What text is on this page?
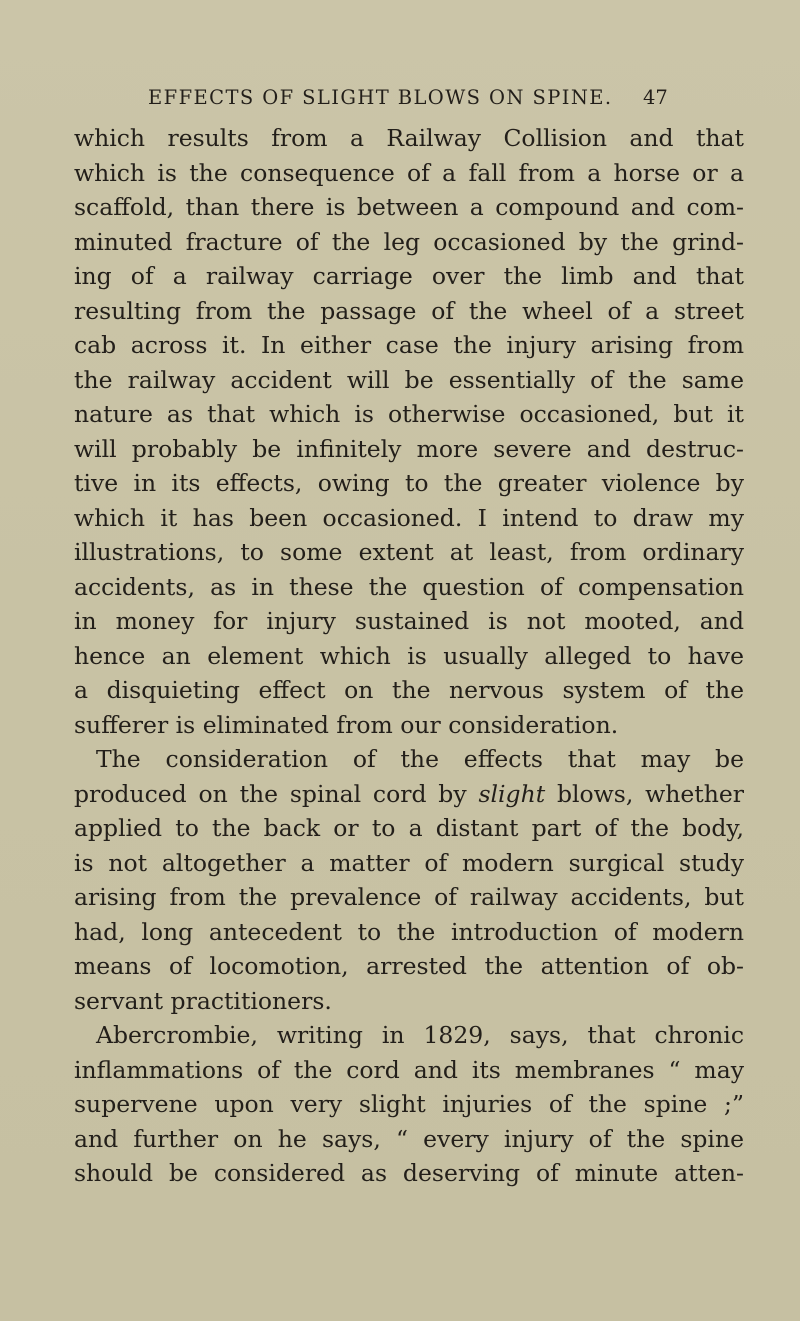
EFFECTS OF SLIGHT BLOWS ON SPINE. 47
which results from a Railway Collision and that
which is the consequence of a fall from a horse or a
scaffold, than there is between a compound and com-
minuted fracture of the leg occasioned by the grind-
ing of a railway carriage over the limb and that
resulting from the passage of the wheel of a street
cab across it. In either case the injury arising from
the railway accident will be essentially of the same
nature as that which is otherwise occasioned, but it
will probably be infinitely more severe and destruc-
tive in its effects, owing to the greater violence by
which it has been occasioned. I intend to draw my
illustrations, to some extent at least, from ordinary
accidents, as in these the question of compensation
in money for injury sustained is not mooted, and
hence an element which is usually alleged to have
a disquieting effect on the nervous system of the
sufferer is eliminated from our consideration.
The consideration of the effects that may be
produced on the spinal cord by slight blows, whether
applied to the back or to a distant part of the body,
is not altogether a matter of modern surgical study
arising from the prevalence of railway accidents, but
had, long antecedent to the introduction of modern
means of locomotion, arrested the attention of ob-
servant practitioners.
Abercrombie, writing in 1829, says, that chronic
inflammations of the cord and its membranes “ may
supervene upon very slight injuries of the spine ;”
and further on he says, “ every injury of the spine
should be considered as deserving of minute atten-
